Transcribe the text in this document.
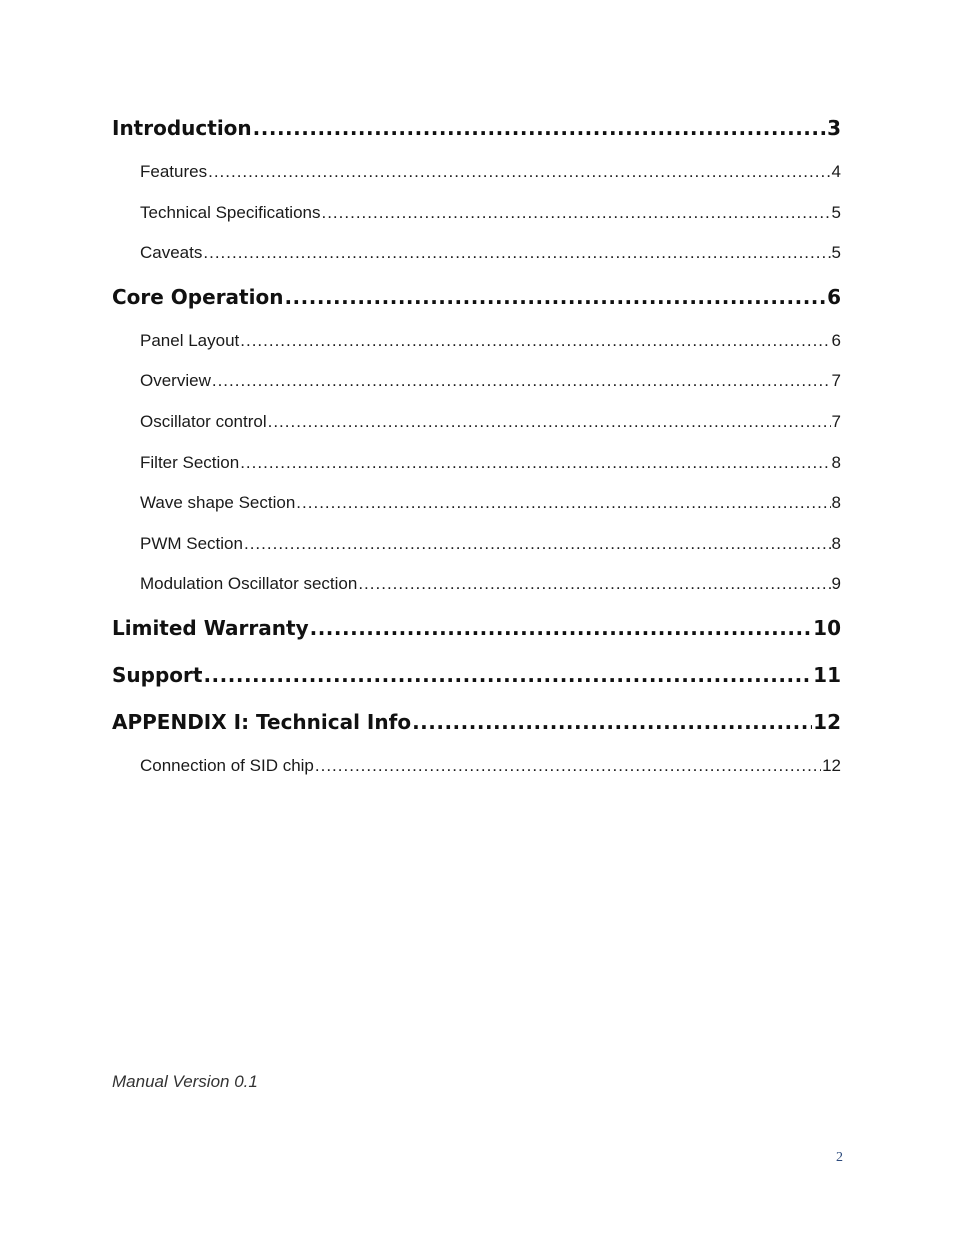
Introduction .....	3
Features .....	4
Technical Specifications .....	5
Caveats .....	5
Core Operation .....	6
Panel Layout .....	6
Overview .....	7
Oscillator control .....	7
Filter Section .....	8
Wave shape Section .....	8
PWM Section .....	8
Modulation Oscillator section .....	9
Limited Warranty .....	10
Support .....	11
APPENDIX I: Technical Info .....	12
Connection of SID chip .....	12
Manual Version 0.1
2
